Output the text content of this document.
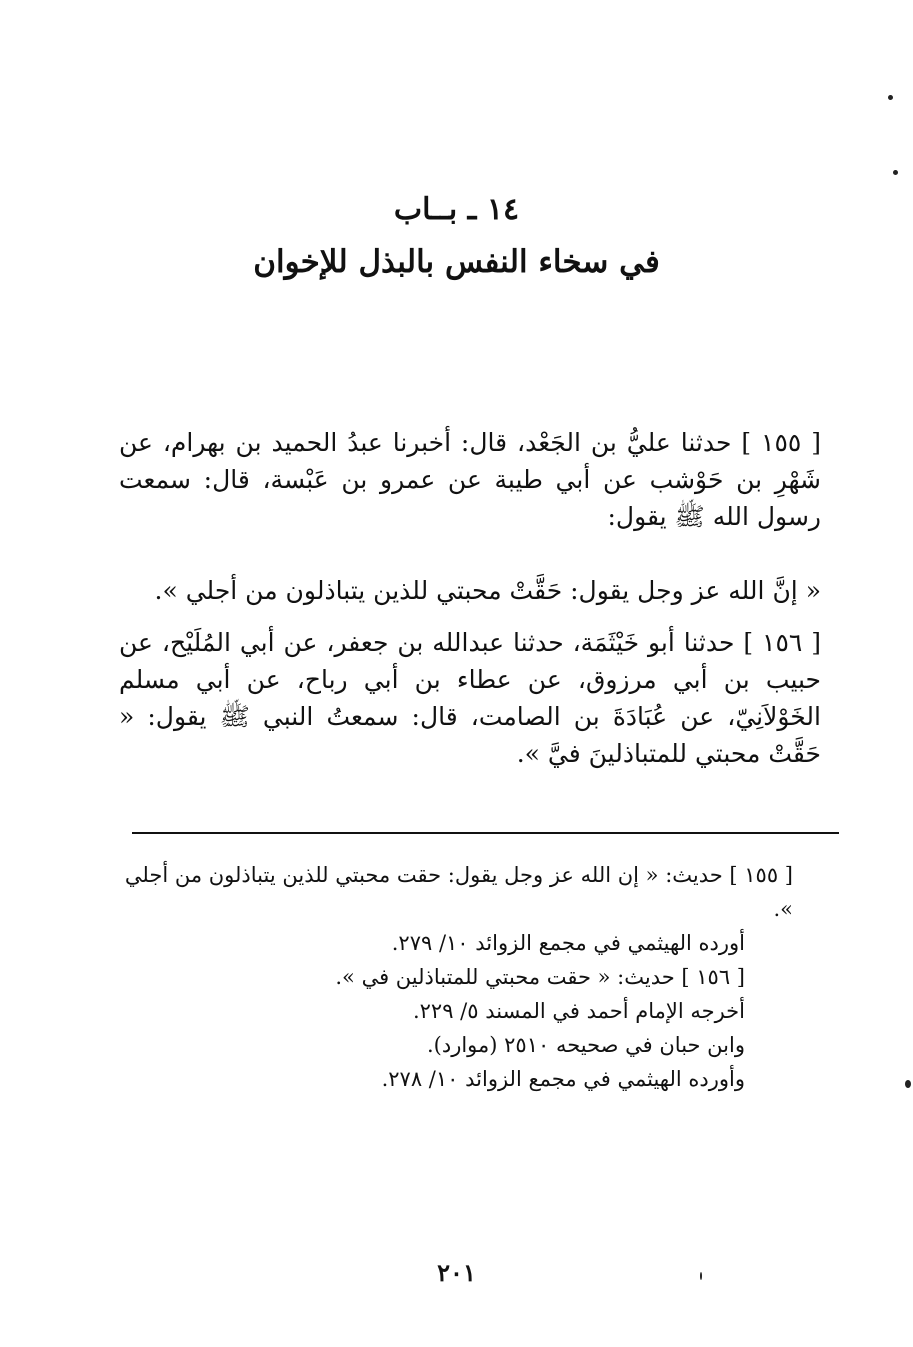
١٤ ـ بــاب
في سخاء النفس بالبذل للإخوان
[ ١٥٥ ] حدثنا عليُّ بن الجَعْد، قال: أخبرنا عبدُ الحميد بن بهرام، عن شَهْرِ بن حَوْشب عن أبي طيبة عن عمرو بن عَبْسة، قال: سمعت رسول الله ﷺ يقول:
« إنَّ الله عز وجل يقول: حَقَّتْ محبتي للذين يتباذلون من أجلي ».
[ ١٥٦ ] حدثنا أبو خَيْثَمَة، حدثنا عبدالله بن جعفر، عن أبي المُلَيْح، عن حبيب بن أبي مرزوق، عن عطاء بن أبي رباح، عن أبي مسلم الخَوْلاَنِيّ، عن عُبَادَةَ بن الصامت، قال: سمعتُ النبي ﷺ يقول: « حَقَّتْ محبتي للمتباذلينَ فيَّ ».

[ ١٥٥ ] حديث: « إن الله عز وجل يقول: حقت محبتي للذين يتباذلون من أجلي ».

أورده الهيثمي في مجمع الزوائد ١٠/ ٢٧٩.

[ ١٥٦ ] حديث: « حقت محبتي للمتباذلين في ».

أخرجه الإمام أحمد في المسند ٥/ ٢٢٩.

وابن حبان في صحيحه ٢٥١٠ (موارد).

وأورده الهيثمي في مجمع الزوائد ١٠/ ٢٧٨.

٢٠١
